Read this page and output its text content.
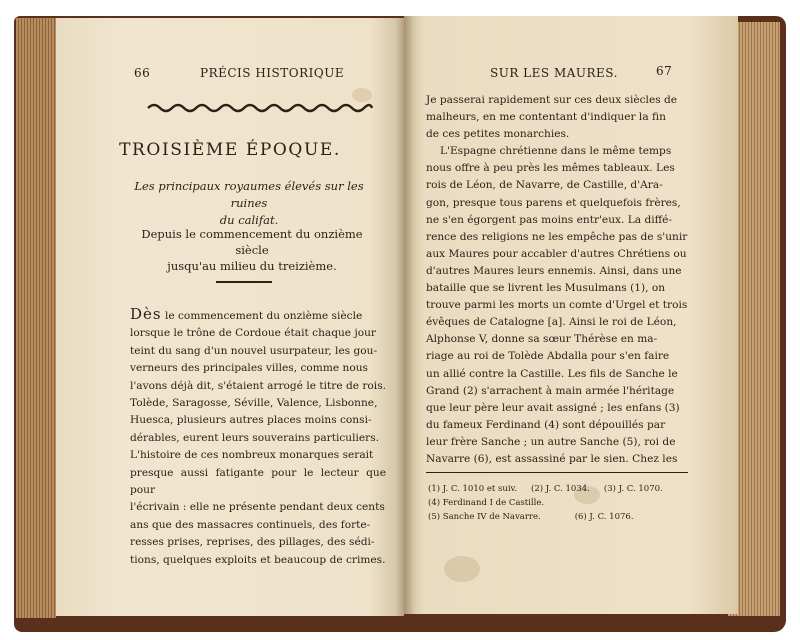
66	PRÉCIS HISTORIQUE
TROISIÈME ÉPOQUE.
Les principaux royaumes élevés sur les ruines
du califat.
Depuis le commencement du onzième siècle
jusqu'au milieu du treizième.

Dès le commencement du onzième siècle

lorsque le trône de Cordoue était chaque jour

teint du sang d'un nouvel usurpateur, les gou-

verneurs des principales villes, comme nous

l'avons déjà dit, s'étaient arrogé le titre de rois.

Tolède, Saragosse, Séville, Valence, Lisbonne,

Huesca, plusieurs autres places moins consi-

dérables, eurent leurs souverains particuliers.

L'histoire de ces nombreux monarques serait

presque aussi fatigante pour le lecteur que pour

l'écrivain : elle ne présente pendant deux cents

ans que des massacres continuels, des forte-

resses prises, reprises, des pillages, des sédi-

tions, quelques exploits et beaucoup de crimes.

SUR LES MAURES.	67

Je passerai rapidement sur ces deux siècles de

malheurs, en me contentant d'indiquer la fin

de ces petites monarchies.

L'Espagne chrétienne dans le même temps

nous offre à peu près les mêmes tableaux. Les

rois de Léon, de Navarre, de Castille, d'Ara-

gon, presque tous parens et quelquefois frères,

ne s'en égorgent pas moins entr'eux. La diffé-

rence des religions ne les empêche pas de s'unir

aux Maures pour accabler d'autres Chrétiens ou

d'autres Maures leurs ennemis. Ainsi, dans une

bataille que se livrent les Musulmans (1), on

trouve parmi les morts un comte d'Urgel et trois

évêques de Catalogne [a]. Ainsi le roi de Léon,

Alphonse V, donne sa sœur Thérèse en ma-

riage au roi de Tolède Abdalla pour s'en faire

un allié contre la Castille. Les fils de Sanche le

Grand (2) s'arrachent à main armée l'héritage

que leur père leur avait assigné ; les enfans (3)

du fameux Ferdinand (4) sont dépouillés par

leur frère Sanche ; un autre Sanche (5), roi de

Navarre (6), est assassiné par le sien. Chez les

(1) J. C. 1010 et suiv. (2) J. C. 1034. (3) J. C. 1070.
(4) Ferdinand I de Castille.
(5) Sanche IV de Navarre.	(6) J. C. 1076.
